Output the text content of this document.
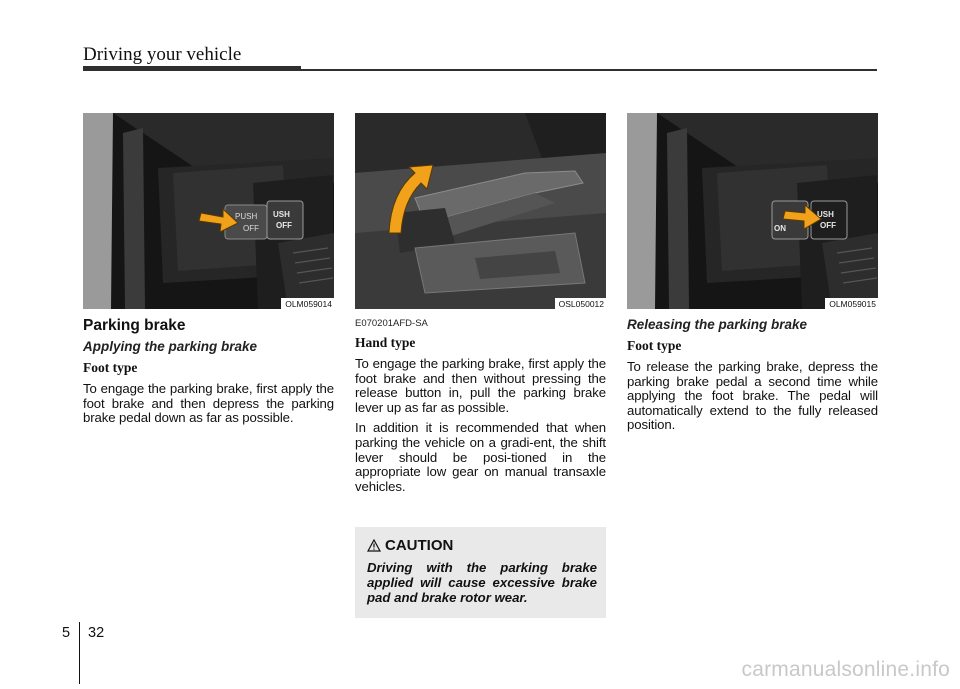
Driving your vehicle
PUSH
OFF
USH
OFF
OLM059014
Parking brake
Applying the parking brake
Foot type

To engage the parking brake, first apply the foot brake and then depress the parking brake pedal down as far as possible.

OSL050012
E070201AFD-SA
Hand type

To engage the parking brake, first apply the foot brake and then without pressing the release button in, pull the parking brake lever up as far as possible.

In addition it is recommended that when parking the vehicle on a gradi-ent, the shift lever should be posi-tioned in the appropriate low gear on manual transaxle vehicles.

ON
USH
OFF
OLM059015
Releasing the parking brake
Foot type

To release the parking brake, depress the parking brake pedal a second time while applying the foot brake. The pedal will automatically extend to the fully released position.

CAUTION
Driving with the parking brake applied will cause excessive brake pad and brake rotor wear.
5 32
carmanualsonline.info
